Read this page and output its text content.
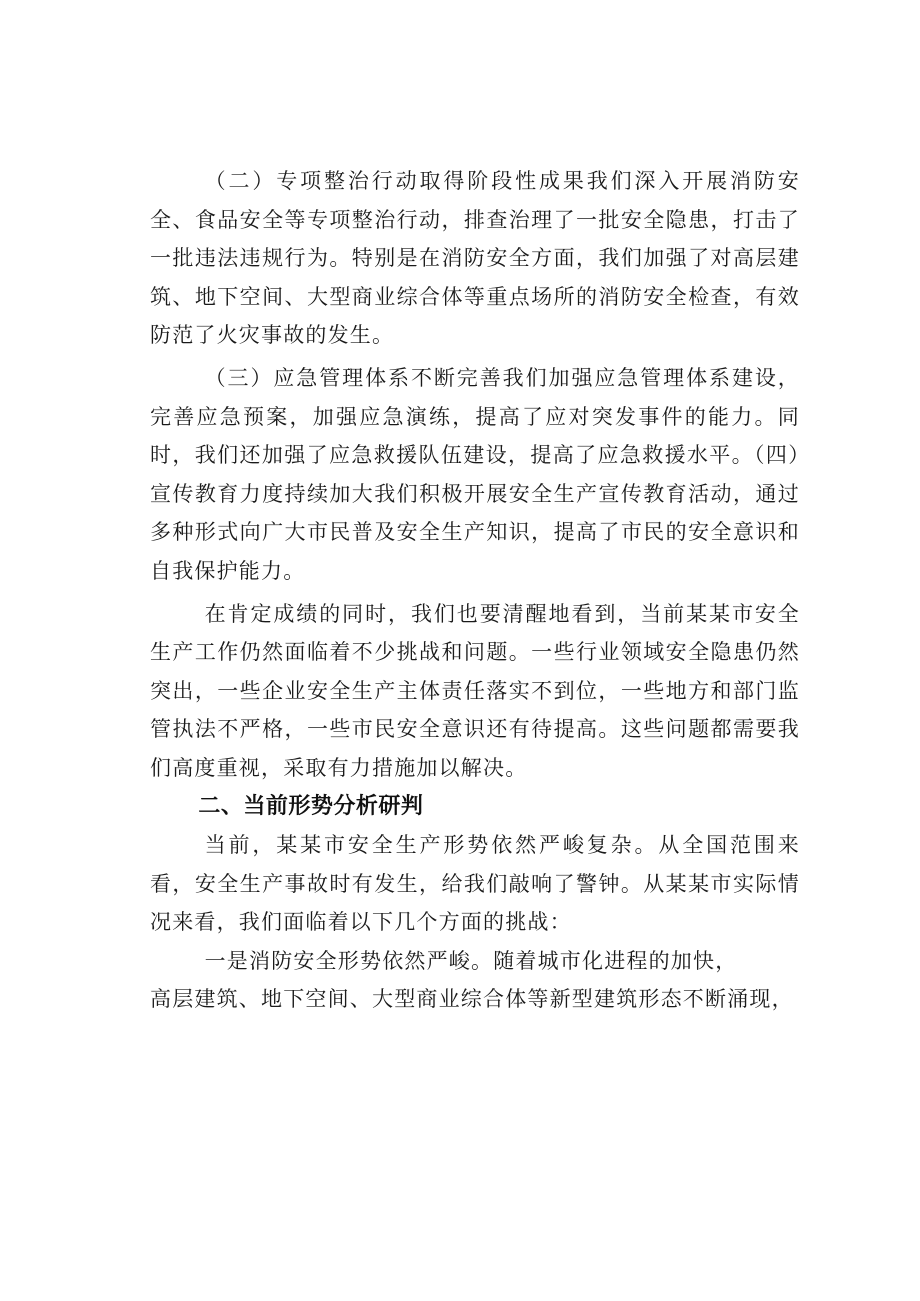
（二）专项整治行动取得阶段性成果我们深入开展消防安全、食品安全等专项整治行动，排查治理了一批安全隐患，打击了一批违法违规行为。特别是在消防安全方面，我们加强了对高层建筑、地下空间、大型商业综合体等重点场所的消防安全检查，有效防范了火灾事故的发生。

（三）应急管理体系不断完善我们加强应急管理体系建设，完善应急预案，加强应急演练，提高了应对突发事件的能力。同时，我们还加强了应急救援队伍建设，提高了应急救援水平。（四）宣传教育力度持续加大我们积极开展安全生产宣传教育活动，通过多种形式向广大市民普及安全生产知识，提高了市民的安全意识和自我保护能力。

在肯定成绩的同时，我们也要清醒地看到，当前某某市安全生产工作仍然面临着不少挑战和问题。一些行业领域安全隐患仍然突出，一些企业安全生产主体责任落实不到位，一些地方和部门监管执法不严格，一些市民安全意识还有待提高。这些问题都需要我们高度重视，采取有力措施加以解决。

二、当前形势分析研判

当前，某某市安全生产形势依然严峻复杂。从全国范围来看，安全生产事故时有发生，给我们敲响了警钟。从某某市实际情况来看，我们面临着以下几个方面的挑战：

一是消防安全形势依然严峻。随着城市化进程的加快，

高层建筑、地下空间、大型商业综合体等新型建筑形态不断涌现，
